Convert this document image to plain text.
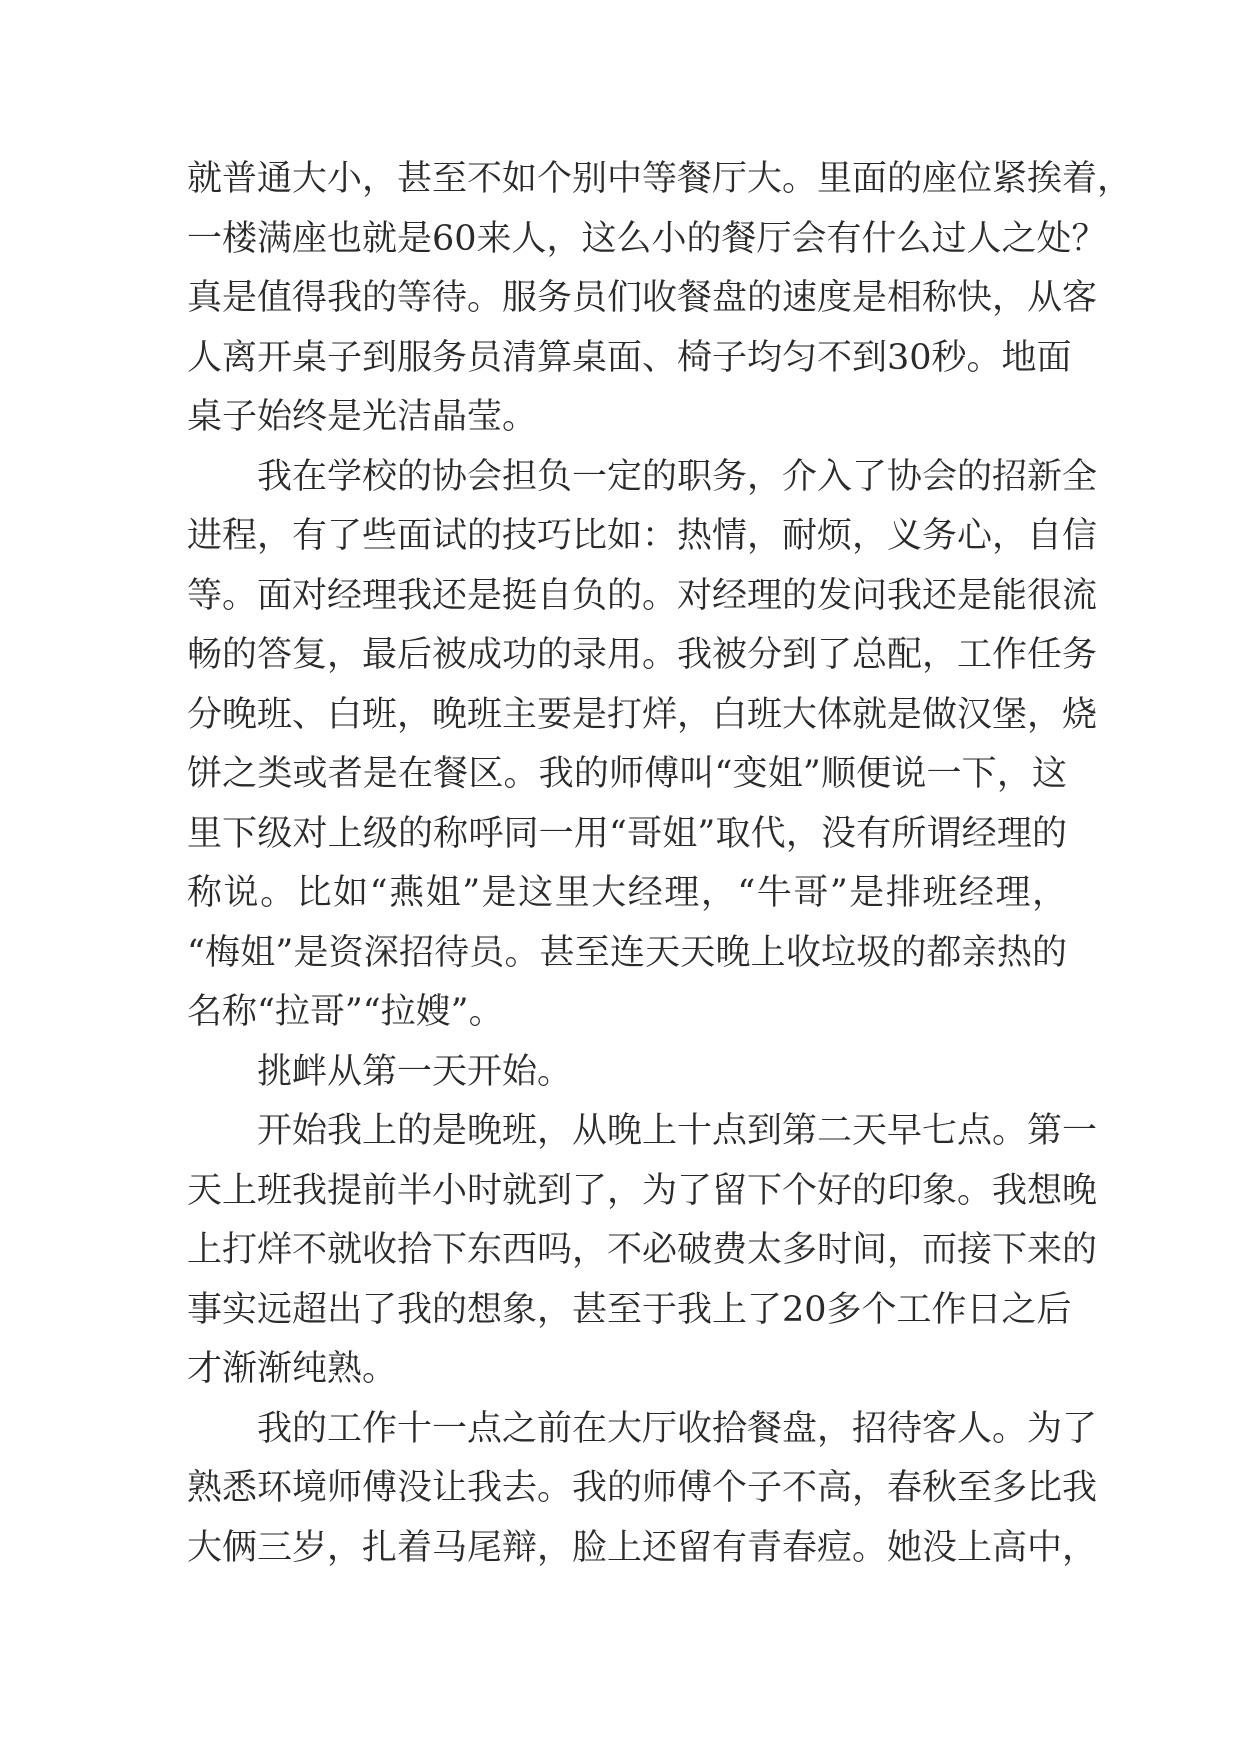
就普通大小，甚至不如个别中等餐厅大。里面的座位紧挨着，
一楼满座也就是60来人，这么小的餐厅会有什么过人之处？
真是值得我的等待。服务员们收餐盘的速度是相称快，从客
人离开桌子到服务员清算桌面、椅子均匀不到30秒。地面
桌子始终是光洁晶莹。
我在学校的协会担负一定的职务，介入了协会的招新全
进程，有了些面试的技巧比如：热情，耐烦，义务心，自信
等。面对经理我还是挺自负的。对经理的发问我还是能很流
畅的答复，最后被成功的录用。我被分到了总配，工作任务
分晚班、白班，晚班主要是打烊，白班大体就是做汉堡，烧
饼之类或者是在餐区。我的师傅叫“变姐”顺便说一下，这
里下级对上级的称呼同一用“哥姐”取代，没有所谓经理的
称说。比如“燕姐”是这里大经理，“牛哥”是排班经理，
“梅姐”是资深招待员。甚至连天天晚上收垃圾的都亲热的
名称“拉哥”“拉嫂”。
挑衅从第一天开始。
开始我上的是晚班，从晚上十点到第二天早七点。第一
天上班我提前半小时就到了，为了留下个好的印象。我想晚
上打烊不就收拾下东西吗，不必破费太多时间，而接下来的
事实远超出了我的想象，甚至于我上了20多个工作日之后
才渐渐纯熟。
我的工作十一点之前在大厅收拾餐盘，招待客人。为了
熟悉环境师傅没让我去。我的师傅个子不高，春秋至多比我
大俩三岁，扎着马尾辩，脸上还留有青春痘。她没上高中，
